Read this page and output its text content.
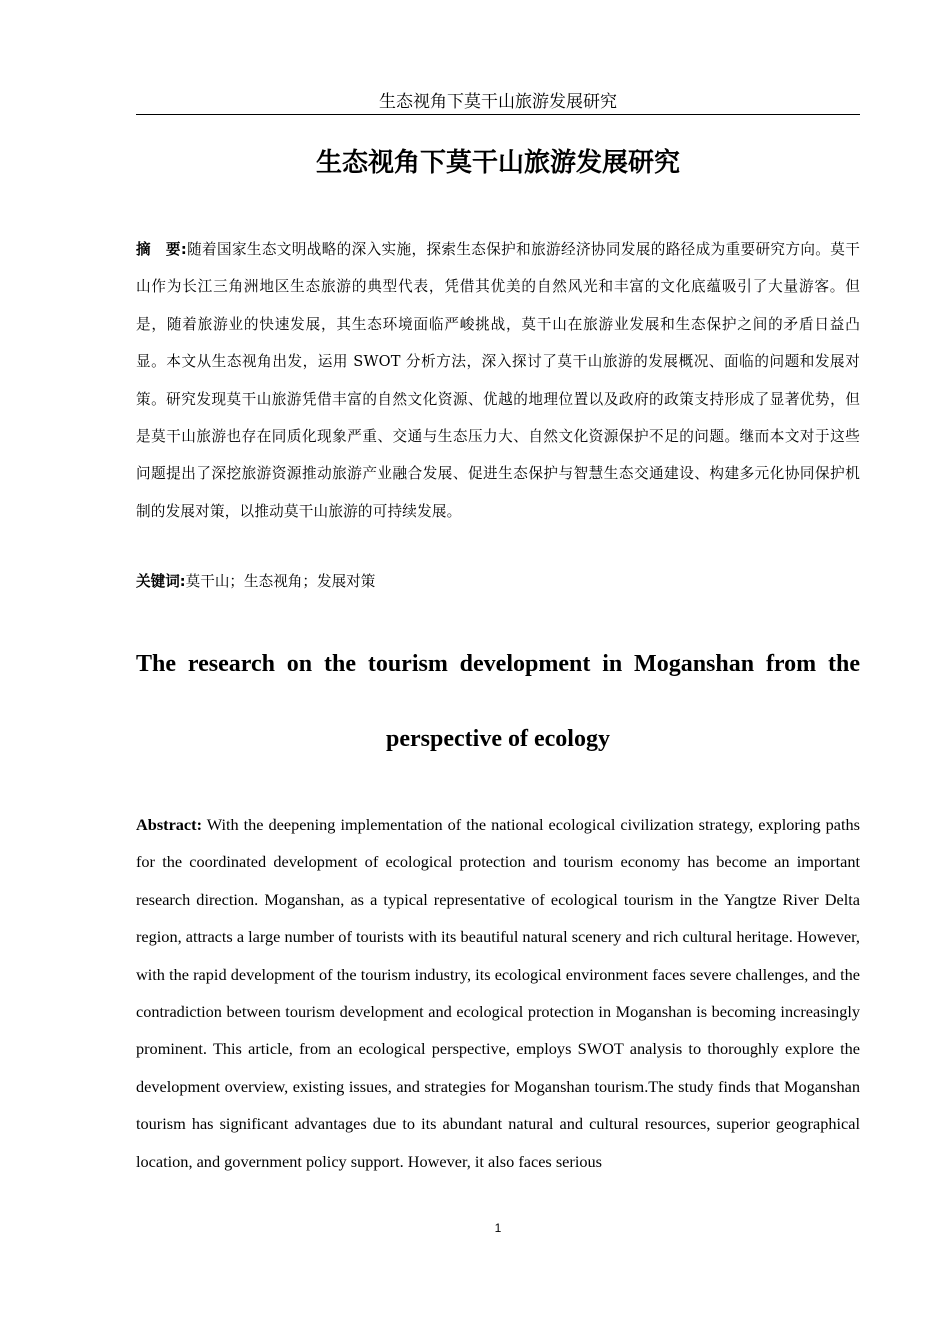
生态视角下莫干山旅游发展研究
生态视角下莫干山旅游发展研究
摘　要:随着国家生态文明战略的深入实施，探索生态保护和旅游经济协同发展的路径成为重要研究方向。莫干山作为长江三角洲地区生态旅游的典型代表，凭借其优美的自然风光和丰富的文化底蕴吸引了大量游客。但是，随着旅游业的快速发展，其生态环境面临严峻挑战，莫干山在旅游业发展和生态保护之间的矛盾日益凸显。本文从生态视角出发，运用 SWOT 分析方法，深入探讨了莫干山旅游的发展概况、面临的问题和发展对策。研究发现莫干山旅游凭借丰富的自然文化资源、优越的地理位置以及政府的政策支持形成了显著优势，但是莫干山旅游也存在同质化现象严重、交通与生态压力大、自然文化资源保护不足的问题。继而本文对于这些问题提出了深挖旅游资源推动旅游产业融合发展、促进生态保护与智慧生态交通建设、构建多元化协同保护机制的发展对策，以推动莫干山旅游的可持续发展。
关键词:莫干山；生态视角；发展对策
The research on the tourism development in Moganshan from the
perspective of ecology
Abstract: With the deepening implementation of the national ecological civilization strategy, exploring paths for the coordinated development of ecological protection and tourism economy has become an important research direction. Moganshan, as a typical representative of ecological tourism in the Yangtze River Delta region, attracts a large number of tourists with its beautiful natural scenery and rich cultural heritage. However, with the rapid development of the tourism industry, its ecological environment faces severe challenges, and the contradiction between tourism development and ecological protection in Moganshan is becoming increasingly prominent. This article, from an ecological perspective, employs SWOT analysis to thoroughly explore the development overview, existing issues, and strategies for Moganshan tourism.The study finds that Moganshan tourism has significant advantages due to its abundant natural and cultural resources, superior geographical location, and government policy support. However, it also faces serious
1
